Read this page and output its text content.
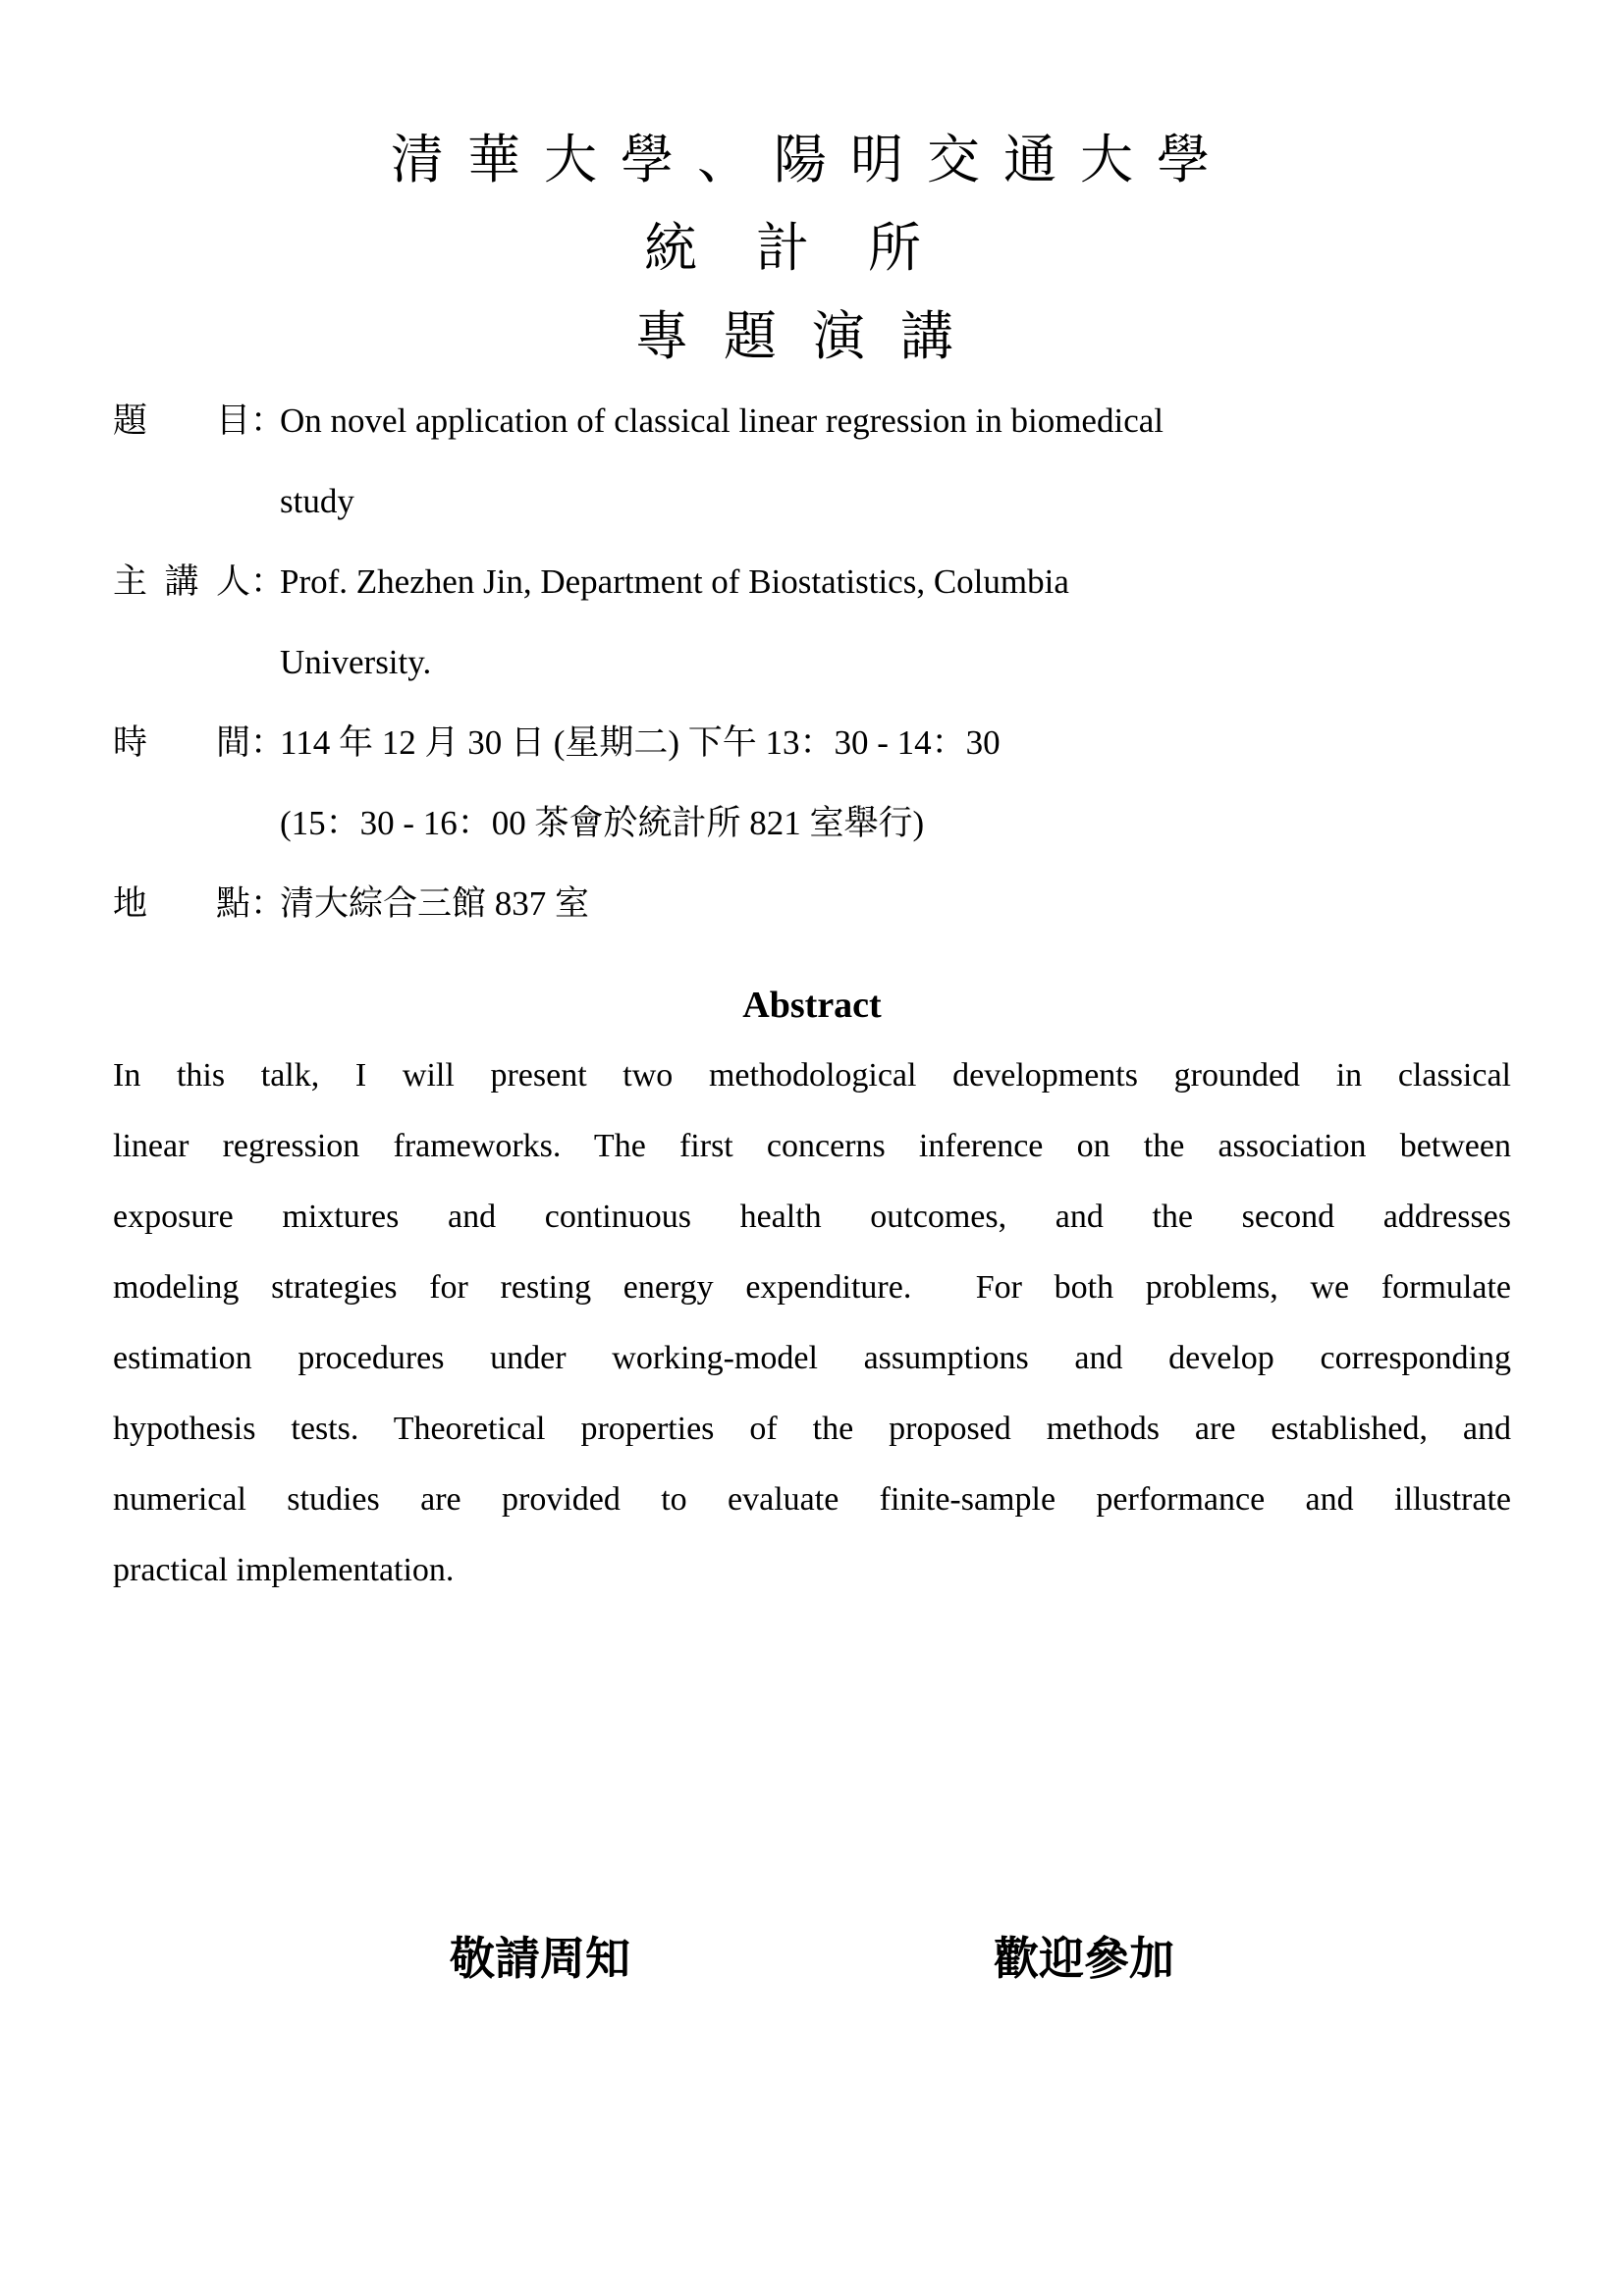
清華大學、陽明交通大學
統計所
專題演講
題 目 ：
On novel application of classical linear regression in biomedical
study
主 講 人 ：
Prof. Zhezhen Jin, Department of Biostatistics, Columbia
University.
時 間 ：
114 年 12 月 30 日 (星期二) 下午 13：30 - 14：30
(15：30 - 16：00 茶會於統計所 821 室舉行)
地 點 ：
清大綜合三館 837 室
Abstract
In this talk, I will present two methodological developments grounded in classical
linear regression frameworks. The first concerns inference on the association between
exposure mixtures and continuous health outcomes, and the second addresses
modeling strategies for resting energy expenditure.  For both problems, we formulate
estimation procedures under working-model assumptions and develop corresponding
hypothesis tests. Theoretical properties of the proposed methods are established, and
numerical studies are provided to evaluate finite-sample performance and illustrate
practical implementation.
敬請周知	歡迎參加
